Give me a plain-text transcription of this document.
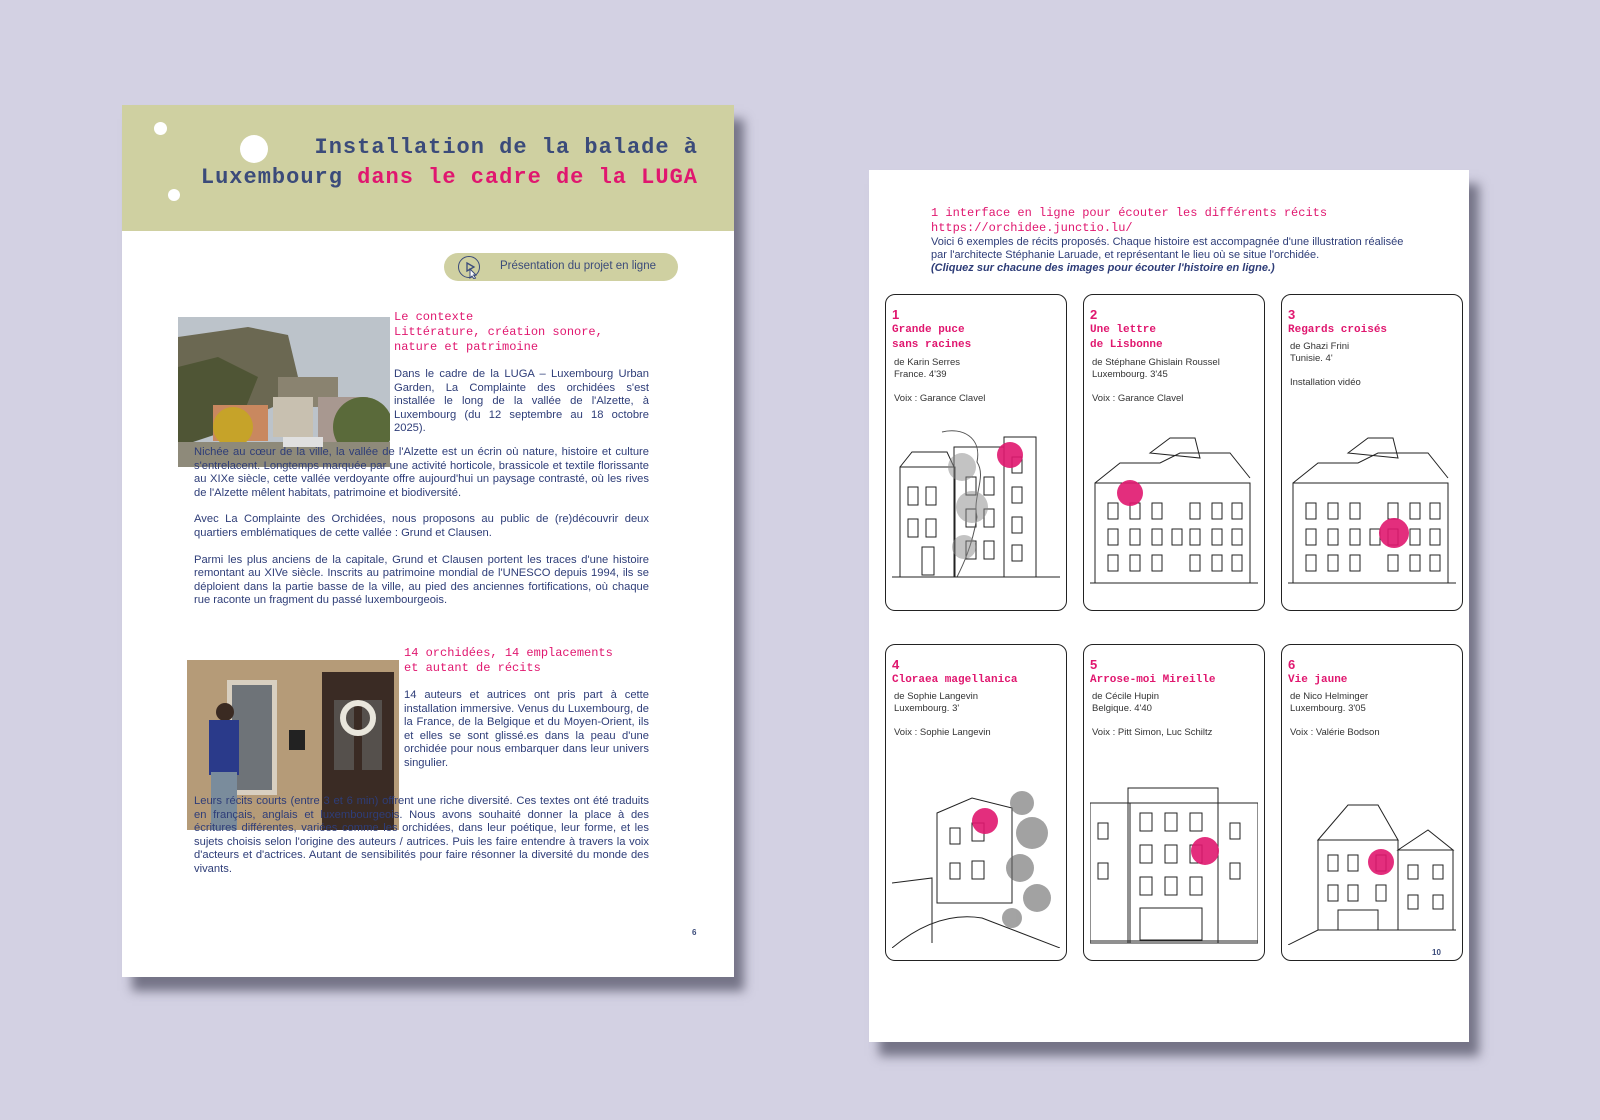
Installation de la balade à
Luxembourg dans le cadre de la LUGA
Présentation du projet en ligne
Le contexte
Littérature, création sonore,
nature et patrimoine

Dans le cadre de la LUGA – Luxembourg Urban Garden, La Complainte des orchidées s'est installée le long de la vallée de l'Alzette, à Luxembourg (du 12 septembre au 18 octobre 2025).

Nichée au cœur de la ville, la vallée de l'Alzette est un écrin où nature, histoire et culture s'entrelacent. Longtemps marquée par une activité horticole, brassicole et textile florissante au XIXe siècle, cette vallée verdoyante offre aujourd'hui un paysage contrasté, où les rives de l'Alzette mêlent habitats, patrimoine et biodiversité.

Avec La Complainte des Orchidées, nous proposons au public de (re)découvrir deux quartiers emblématiques de cette vallée : Grund et Clausen.

Parmi les plus anciens de la capitale, Grund et Clausen portent les traces d'une histoire remontant au XIVe siècle. Inscrits au patrimoine mondial de l'UNESCO depuis 1994, ils se déploient dans la partie basse de la ville, au pied des anciennes fortifications, où chaque rue raconte un fragment du passé luxembourgeois.

14 orchidées, 14 emplacements
et autant de récits

14 auteurs et autrices ont pris part à cette installation immersive. Venus du Luxembourg, de la France, de la Belgique et du Moyen-Orient, ils et elles se sont glissé.es dans la peau d'une orchidée pour nous embarquer dans leur univers singulier.

Leurs récits courts (entre 3 et 6 min) offrent une riche diversité. Ces textes ont été traduits en français, anglais et luxembourgeois. Nous avons souhaité donner la place à des écritures différentes, variées comme les orchidées, dans leur poétique, leur forme, et les sujets choisis selon l'origine des auteurs / autrices. Puis les faire entendre à travers la voix d'acteurs et d'actrices. Autant de sensibilités pour faire résonner la diversité du monde des vivants.

6
1 interface en ligne pour écouter les différents récits
https://orchidee.junctio.lu/
Voici 6 exemples de récits proposés. Chaque histoire est accompagnée d'une illustration réalisée par l'architecte Stéphanie Laruade, et représentant le lieu où se situe l'orchidée.
(Cliquez sur chacune des images pour écouter l'histoire en ligne.)
1
Grande puce
sans racines
de Karin Serres
France. 4'39

Voix : Garance Clavel
2
Une lettre
de Lisbonne
de Stéphane Ghislain Roussel
Luxembourg. 3'45

Voix : Garance Clavel
3
Regards croisés
de Ghazi Frini
Tunisie. 4'

Installation vidéo
4
Cloraea magellanica
de Sophie Langevin
Luxembourg. 3'

Voix : Sophie Langevin
5
Arrose-moi Mireille
de Cécile Hupin
Belgique. 4'40

Voix : Pitt Simon, Luc Schiltz
6
Vie jaune
de Nico Helminger
Luxembourg. 3'05

Voix : Valérie Bodson
10
